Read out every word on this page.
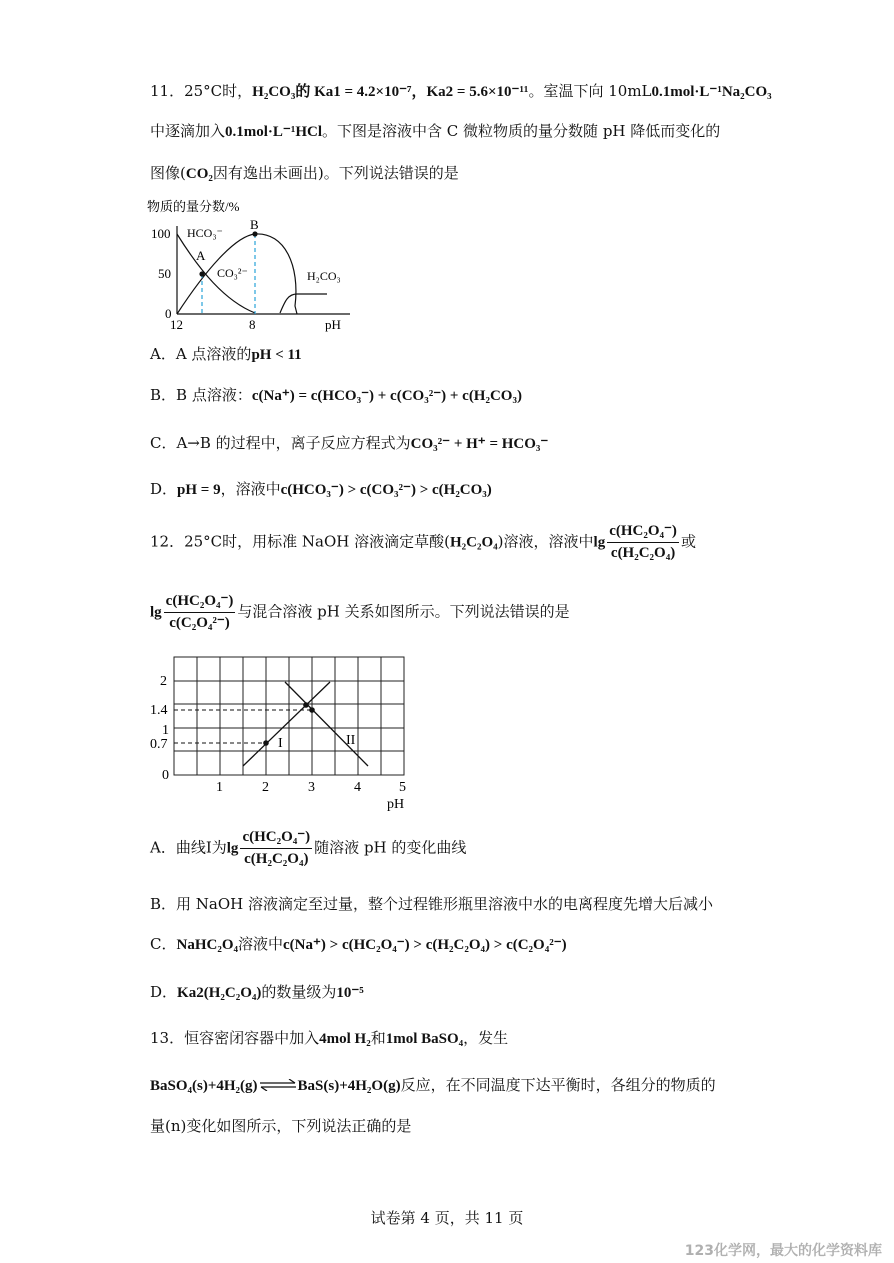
11．25°C时，H₂CO₃的 Ka1 = 4.2×10⁻⁷，Ka2 = 5.6×10⁻¹¹。室温下向 10mL0.1mol·L⁻¹Na₂CO₃
中逐滴加入0.1mol·L⁻¹HCl。下图是溶液中含 C 微粒物质的量分数随 pH 降低而变化的
图像(CO₂因有逸出未画出)。下列说法错误的是
物质的量分数/%
100
50
0
12	8	pH
A
B
HCO₃⁻
CO₃²⁻	H₂CO₃
A．A 点溶液的pH < 11
B．B 点溶液：c(Na⁺) = c(HCO₃⁻) + c(CO₃²⁻) + c(H₂CO₃)
C．A→B 的过程中，离子反应方程式为CO₃²⁻ + H⁺ = HCO₃⁻
D．pH = 9，溶液中c(HCO₃⁻) > c(CO₃²⁻) > c(H₂CO₃)
12．25°C时，用标准 NaOH 溶液滴定草酸(H₂C₂O₄)溶液，溶液中$\lg \frac{\text{c(HC₂O₄⁻)}}{\text{c(H₂C₂O₄)}}$ 或
$\lg \frac{\text{c(HC₂O₄⁻)}}{\text{c(C₂O₄²⁻)}}$ 与混合溶液 pH 关系如图所示。下列说法错误的是
2
1.4
1
0.7
0
1	2	3	4	5
pH
I	II
A．曲线I为$\lg \frac{\text{c(HC₂O₄⁻)}}{\text{c(H₂C₂O₄)}}$ 随溶液 pH 的变化曲线
B．用 NaOH 溶液滴定至过量，整个过程锥形瓶里溶液中水的电离程度先增大后减小
C．NaHC₂O₄溶液中c(Na⁺) > c(HC₂O₄⁻) > c(H₂C₂O₄) > c(C₂O₄²⁻)
D．Ka2(H₂C₂O₄)的数量级为10⁻⁵
13．恒容密闭容器中加入4mol H₂和1mol BaSO₄，发生
BaSO₄(s)+4H₂(g)⇌BaS(s)+4H₂O(g)反应，在不同温度下达平衡时，各组分的物质的
量(n)变化如图所示，下列说法正确的是
试卷第 4 页，共 11 页
123化学网，最大的化学资料库
